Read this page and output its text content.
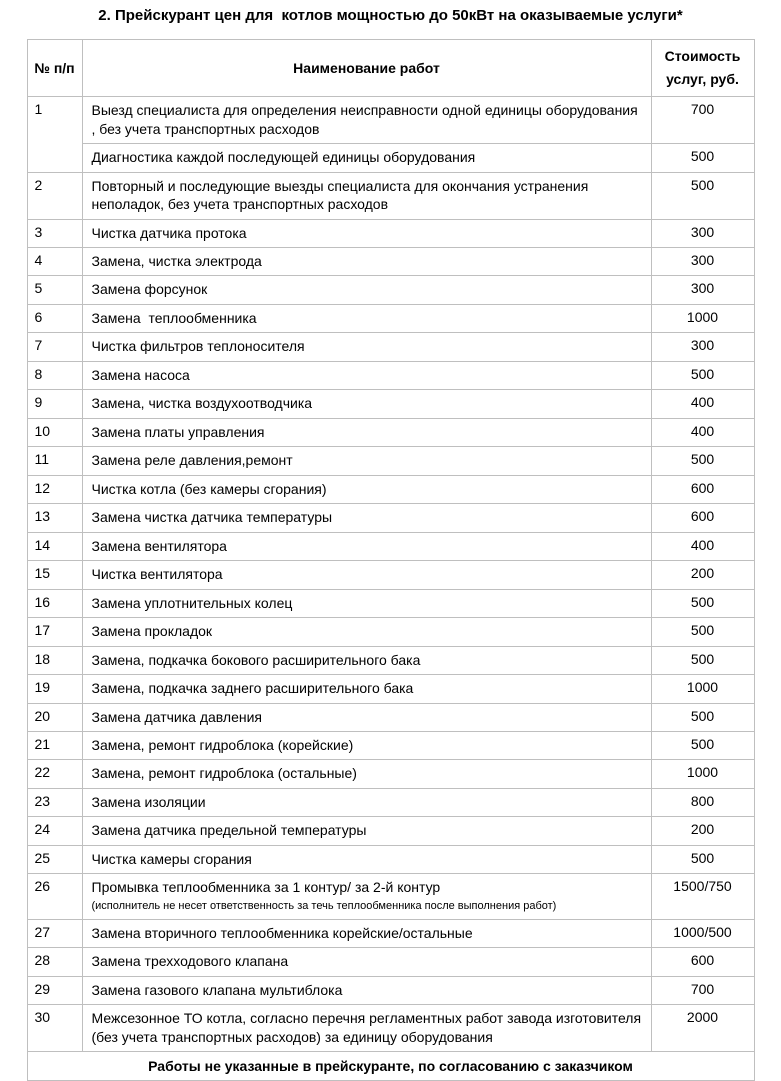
2. Прейскурант цен для  котлов мощностью до 50кВт на оказываемые услуги*
№ п/п	Наименование работ	Стоимость услуг, руб.
1	Выезд специалиста для определения неисправности одной единицы оборудования , без учета транспортных расходов	700
	Диагностика каждой последующей единицы оборудования	500
2	Повторный и последующие выезды специалиста для окончания устранения неполадок, без учета транспортных расходов	500
3	Чистка датчика протока	300
4	Замена, чистка электрода	300
5	Замена форсунок	300
6	Замена  теплообменника	1000
7	Чистка фильтров теплоносителя	300
8	Замена насоса	500
9	Замена, чистка воздухоотводчика	400
10	Замена платы управления	400
11	Замена реле давления,ремонт	500
12	Чистка котла (без камеры сгорания)	600
13	Замена чистка датчика температуры	600
14	Замена вентилятора	400
15	Чистка вентилятора	200
16	Замена уплотнительных колец	500
17	Замена прокладок	500
18	Замена, подкачка бокового расширительного бака	500
19	Замена, подкачка заднего расширительного бака	1000
20	Замена датчика давления	500
21	Замена, ремонт гидроблока (корейские)	500
22	Замена, ремонт гидроблока (остальные)	1000
23	Замена изоляции	800
24	Замена датчика предельной температуры	200
25	Чистка камеры сгорания	500
26	Промывка теплообменника за 1 контур/ за 2-й контур
(исполнитель не несет ответственность за течь теплообменника после выполнения работ)	1500/750
27	Замена вторичного теплообменника корейские/остальные	1000/500
28	Замена трехходового клапана	600
29	Замена газового клапана мультиблока	700
30	Межсезонное ТО котла, согласно перечня регламентных работ завода изготовителя (без учета транспортных расходов) за единицу оборудования	2000
Работы не указанные в прейскуранте, по согласованию с заказчиком		
